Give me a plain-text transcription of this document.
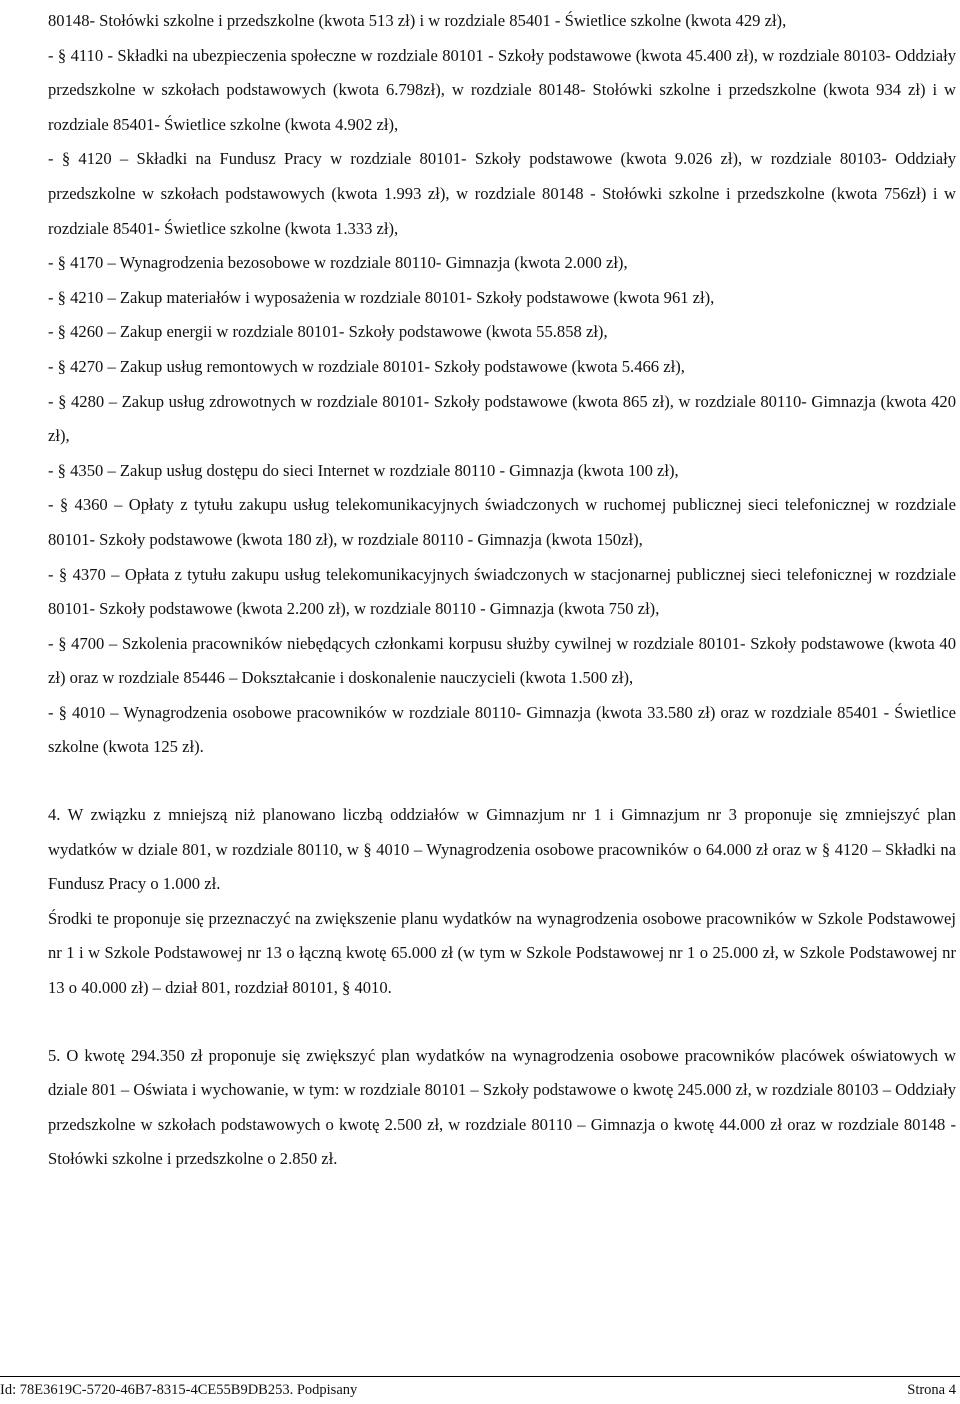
80148- Stołówki szkolne i przedszkolne (kwota 513 zł) i w rozdziale 85401 - Świetlice szkolne (kwota 429 zł),

- § 4110 - Składki na ubezpieczenia społeczne w rozdziale 80101 - Szkoły podstawowe (kwota 45.400 zł), w rozdziale 80103- Oddziały przedszkolne w szkołach podstawowych (kwota 6.798zł), w rozdziale 80148- Stołówki szkolne i przedszkolne (kwota 934 zł) i w rozdziale 85401- Świetlice szkolne (kwota 4.902 zł),

- § 4120 – Składki na Fundusz Pracy w rozdziale 80101- Szkoły podstawowe (kwota 9.026 zł), w rozdziale 80103- Oddziały przedszkolne w szkołach podstawowych (kwota 1.993 zł), w rozdziale 80148 - Stołówki szkolne i przedszkolne (kwota 756zł) i w rozdziale 85401- Świetlice szkolne (kwota 1.333 zł),

- § 4170 – Wynagrodzenia bezosobowe w rozdziale 80110- Gimnazja (kwota 2.000 zł),

- § 4210 – Zakup materiałów i wyposażenia w rozdziale 80101- Szkoły podstawowe (kwota 961 zł),

- § 4260 – Zakup energii w rozdziale 80101- Szkoły podstawowe (kwota 55.858 zł),

- § 4270 – Zakup usług remontowych w rozdziale 80101- Szkoły podstawowe (kwota 5.466 zł),

- § 4280 – Zakup usług zdrowotnych w rozdziale 80101- Szkoły podstawowe (kwota 865 zł), w rozdziale 80110- Gimnazja (kwota 420 zł),

- § 4350 – Zakup usług dostępu do sieci Internet w rozdziale 80110 - Gimnazja (kwota 100 zł),

- § 4360 – Opłaty z tytułu zakupu usług telekomunikacyjnych świadczonych w ruchomej publicznej sieci telefonicznej w rozdziale 80101- Szkoły podstawowe (kwota 180 zł), w rozdziale 80110 - Gimnazja (kwota 150zł),

- § 4370 – Opłata z tytułu zakupu usług telekomunikacyjnych świadczonych w stacjonarnej publicznej sieci telefonicznej w rozdziale 80101- Szkoły podstawowe (kwota 2.200 zł), w rozdziale 80110 - Gimnazja (kwota 750 zł),

- § 4700 – Szkolenia pracowników niebędących członkami korpusu służby cywilnej w rozdziale 80101- Szkoły podstawowe (kwota 40 zł) oraz w rozdziale 85446 – Dokształcanie i doskonalenie nauczycieli (kwota 1.500 zł),

- § 4010 – Wynagrodzenia osobowe pracowników w rozdziale 80110- Gimnazja (kwota 33.580 zł) oraz w rozdziale 85401 - Świetlice szkolne (kwota 125 zł).

4. W związku z mniejszą niż planowano liczbą oddziałów w Gimnazjum nr 1 i Gimnazjum nr 3 proponuje się zmniejszyć plan wydatków w dziale 801, w rozdziale 80110, w § 4010 – Wynagrodzenia osobowe pracowników o 64.000 zł oraz w § 4120 – Składki na Fundusz Pracy o 1.000 zł.

Środki te proponuje się przeznaczyć na zwiększenie planu wydatków na wynagrodzenia osobowe pracowników w Szkole Podstawowej nr 1 i w Szkole Podstawowej nr 13 o łączną kwotę 65.000 zł (w tym w Szkole Podstawowej nr 1 o 25.000 zł, w Szkole Podstawowej nr 13 o 40.000 zł) – dział 801, rozdział 80101, § 4010.

5. O kwotę 294.350 zł proponuje się zwiększyć plan wydatków na wynagrodzenia osobowe pracowników placówek oświatowych w dziale 801 – Oświata i wychowanie, w tym: w rozdziale 80101 – Szkoły podstawowe o kwotę 245.000 zł, w rozdziale 80103 – Oddziały przedszkolne w szkołach podstawowych o kwotę 2.500 zł, w rozdziale 80110 – Gimnazja o kwotę 44.000 zł oraz w rozdziale 80148 - Stołówki szkolne i przedszkolne o 2.850 zł.

Id: 78E3619C-5720-46B7-8315-4CE55B9DB253. Podpisany	Strona 4
